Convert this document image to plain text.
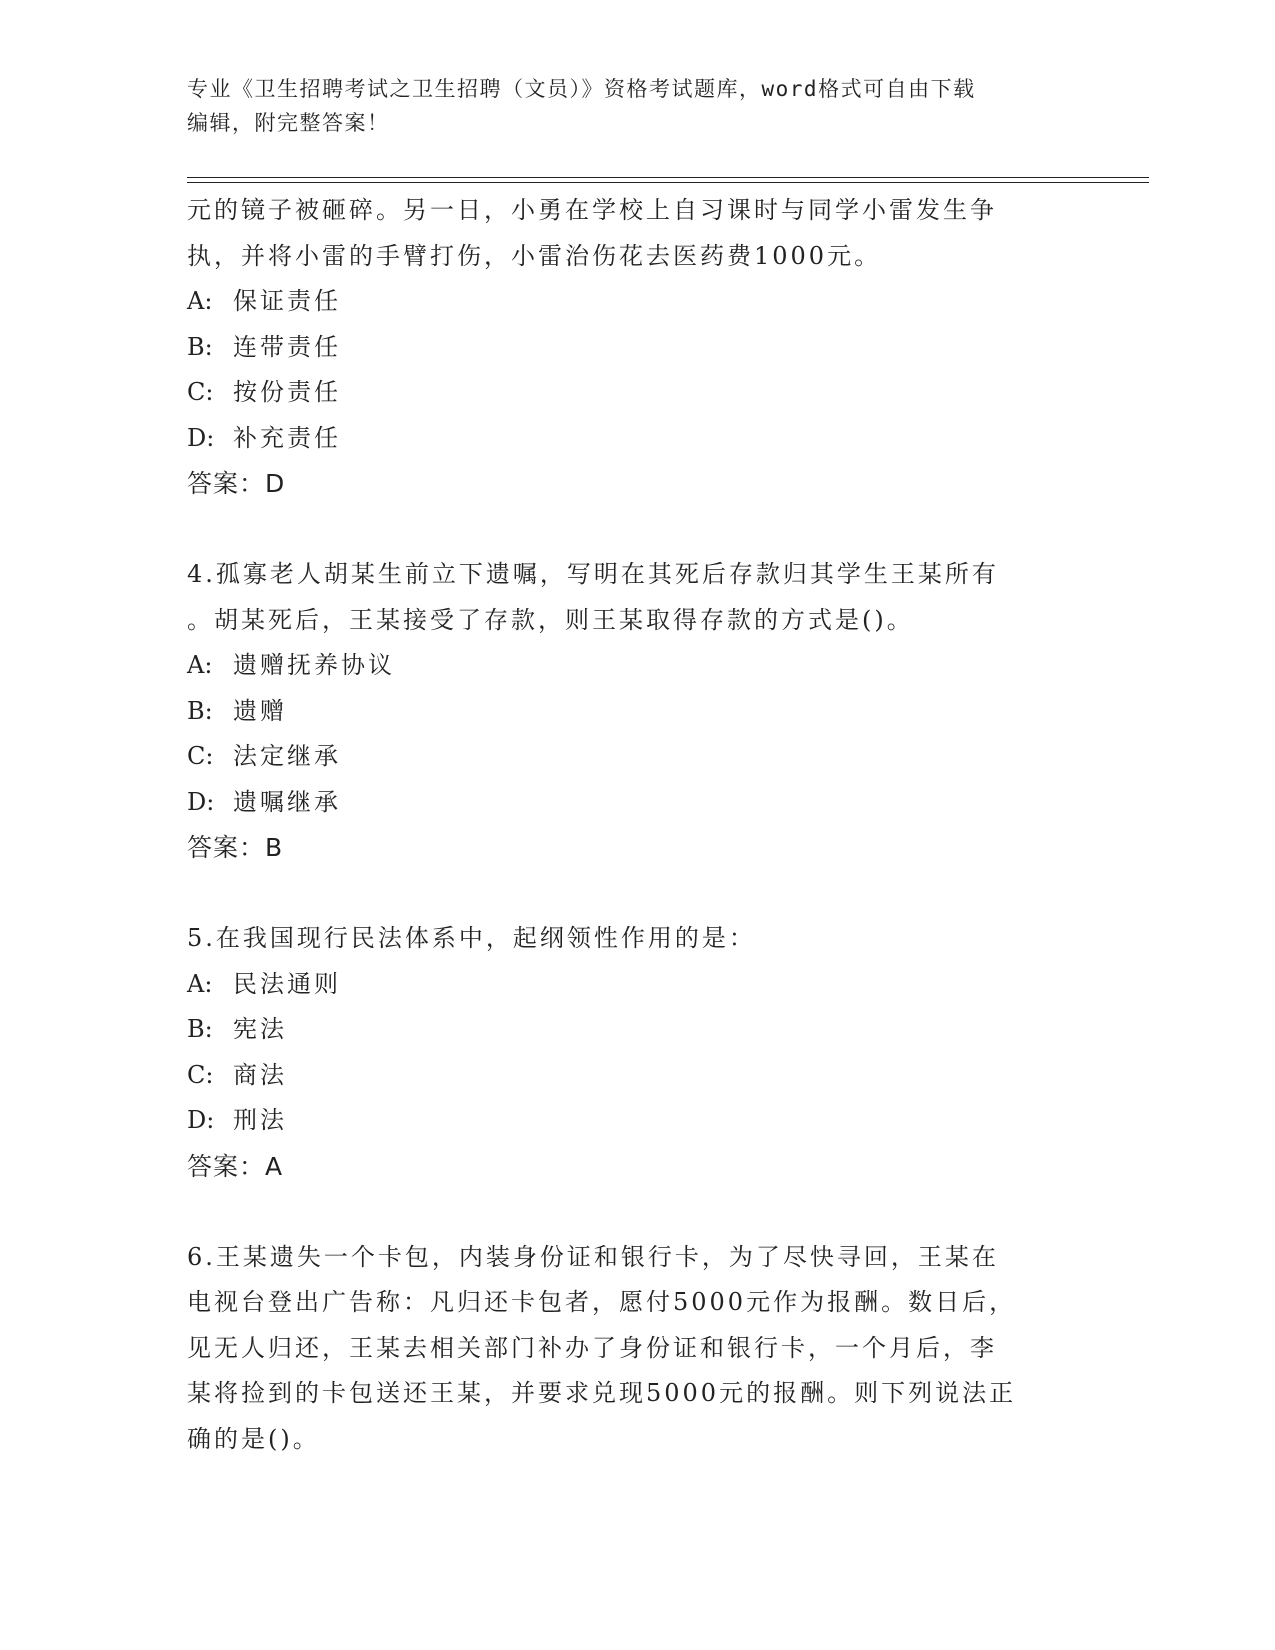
专业《卫生招聘考试之卫生招聘（文员）》资格考试题库，word格式可自由下载
编辑，附完整答案！
元的镜子被砸碎。另一日，小勇在学校上自习课时与同学小雷发生争
执，并将小雷的手臂打伤，小雷治伤花去医药费1000元。
A: 保证责任
B: 连带责任
C: 按份责任
D: 补充责任
答案：D
4.孤寡老人胡某生前立下遗嘱，写明在其死后存款归其学生王某所有
。胡某死后，王某接受了存款，则王某取得存款的方式是()。
A: 遗赠抚养协议
B: 遗赠
C: 法定继承
D: 遗嘱继承
答案：B
5.在我国现行民法体系中，起纲领性作用的是：
A: 民法通则
B: 宪法
C: 商法
D: 刑法
答案：A
6.王某遗失一个卡包，内装身份证和银行卡，为了尽快寻回，王某在
电视台登出广告称：凡归还卡包者，愿付5000元作为报酬。数日后，
见无人归还，王某去相关部门补办了身份证和银行卡，一个月后，李
某将捡到的卡包送还王某，并要求兑现5000元的报酬。则下列说法正
确的是()。
